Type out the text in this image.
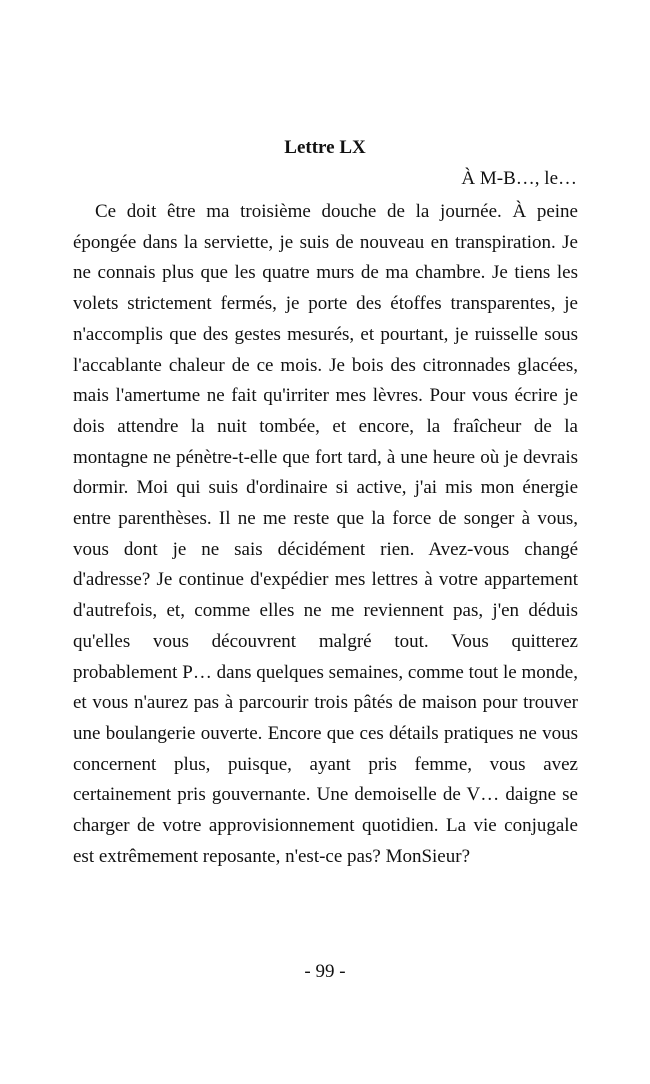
Lettre LX
À M-B…, le…

Ce doit être ma troisième douche de la journée. À peine épongée dans la serviette, je suis de nouveau en transpiration. Je ne connais plus que les quatre murs de ma chambre. Je tiens les volets strictement fermés, je porte des étoffes transparentes, je n'accomplis que des gestes mesurés, et pourtant, je ruisselle sous l'accablante chaleur de ce mois. Je bois des citronnades glacées, mais l'amertume ne fait qu'irriter mes lèvres. Pour vous écrire je dois attendre la nuit tombée, et encore, la fraîcheur de la montagne ne pénètre-t-elle que fort tard, à une heure où je devrais dormir. Moi qui suis d'ordinaire si active, j'ai mis mon énergie entre parenthèses. Il ne me reste que la force de songer à vous, vous dont je ne sais décidément rien. Avez-vous changé d'adresse? Je continue d'expédier mes lettres à votre appartement d'autrefois, et, comme elles ne me reviennent pas, j'en déduis qu'elles vous découvrent malgré tout. Vous quitterez probablement P… dans quelques semaines, comme tout le monde, et vous n'aurez pas à parcourir trois pâtés de maison pour trouver une boulangerie ouverte. Encore que ces détails pratiques ne vous concernent plus, puisque, ayant pris femme, vous avez certainement pris gouvernante. Une demoiselle de V… daigne se charger de votre approvisionnement quotidien. La vie conjugale est extrêmement reposante, n'est-ce pas? MonSieur?

- 99 -
